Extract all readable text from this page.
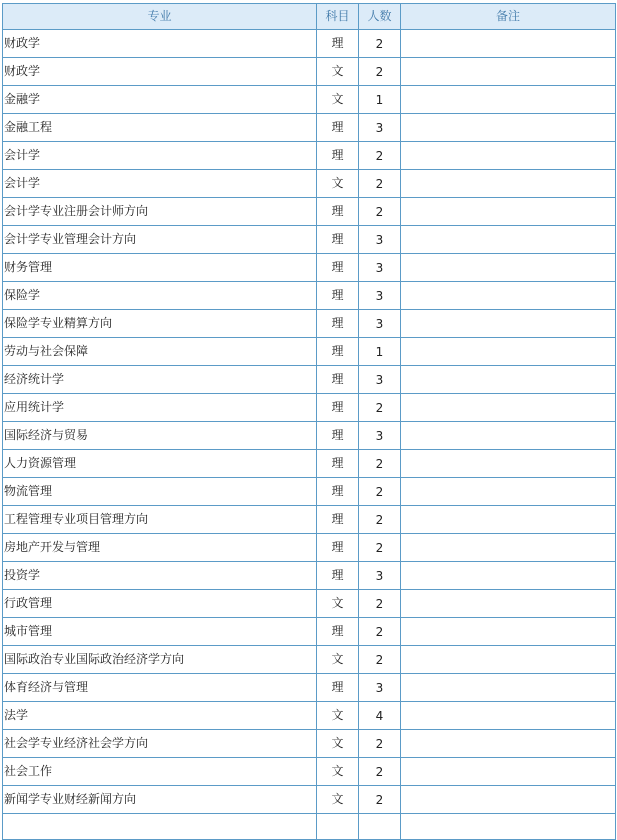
专业	科目	人数	备注
财政学	理	2	
财政学	文	2	
金融学	文	1	
金融工程	理	3	
会计学	理	2	
会计学	文	2	
会计学专业注册会计师方向	理	2	
会计学专业管理会计方向	理	3	
财务管理	理	3	
保险学	理	3	
保险学专业精算方向	理	3	
劳动与社会保障	理	1	
经济统计学	理	3	
应用统计学	理	2	
国际经济与贸易	理	3	
人力资源管理	理	2	
物流管理	理	2	
工程管理专业项目管理方向	理	2	
房地产开发与管理	理	2	
投资学	理	3	
行政管理	文	2	
城市管理	理	2	
国际政治专业国际政治经济学方向	文	2	
体育经济与管理	理	3	
法学	文	4	
社会学专业经济社会学方向	文	2	
社会工作	文	2	
新闻学专业财经新闻方向	文	2	
